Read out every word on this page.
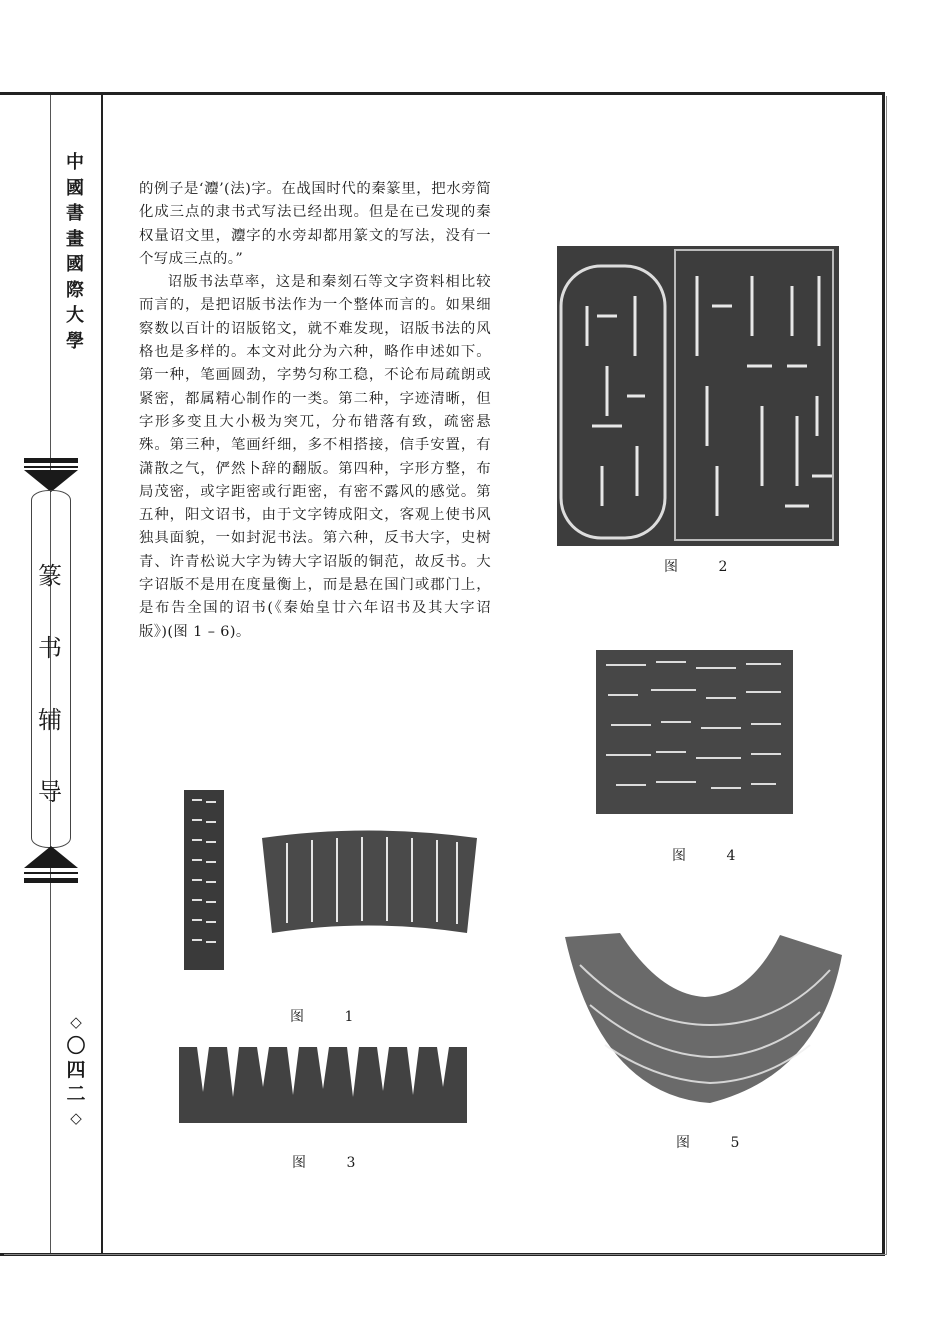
中
國
書
畫
國
際
大
學
篆
书
辅
导
◇
〇
四
二
◇

的例子是‘灋’(法)字。在战国时代的秦篆里，把水旁简化成三点的隶书式写法已经出现。但是在已发现的秦权量诏文里，灋字的水旁却都用篆文的写法，没有一个写成三点的。”

诏版书法草率，这是和秦刻石等文字资料相比较而言的，是把诏版书法作为一个整体而言的。如果细察数以百计的诏版铭文，就不难发现，诏版书法的风格也是多样的。本文对此分为六种，略作申述如下。第一种，笔画圆劲，字势匀称工稳，不论布局疏朗或紧密，都属精心制作的一类。第二种，字迹清晰，但字形多变且大小极为突兀，分布错落有致，疏密悬殊。第三种，笔画纤细，多不相搭接，信手安置，有潇散之气，俨然卜辞的翻版。第四种，字形方整，布局茂密，或字距密或行距密，有密不露风的感觉。第五种，阳文诏书，由于文字铸成阳文，客观上使书风独具面貌，一如封泥书法。第六种，反书大字，史树青、许青松说大字为铸大字诏版的铜范，故反书。大字诏版不是用在度量衡上，而是悬在国门或郡门上，是布告全国的诏书(《秦始皇廿六年诏书及其大字诏版》)(图 1 – 6)。

图 2
图 4
图 5
图 1
图 3
